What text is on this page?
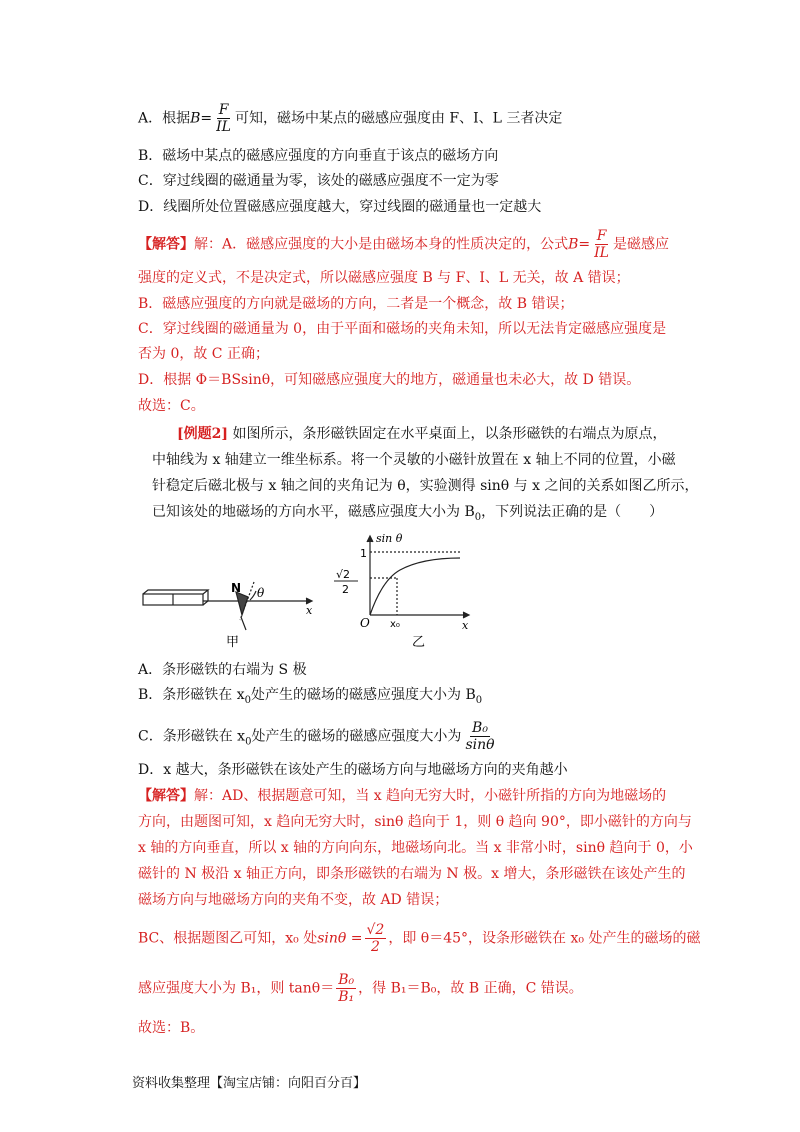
A．根据$B= \frac{F}{IL}$ 可知，磁场中某点的磁感应强度由 F、I、L 三者决定
B．磁场中某点的磁感应强度的方向垂直于该点的磁场方向
C．穿过线圈的磁通量为零，该处的磁感应强度不一定为零
D．线圈所处位置磁感应强度越大，穿过线圈的磁通量也一定越大
【解答】解：A．磁感应强度的大小是由磁场本身的性质决定的，公式$B= \frac{F}{IL}$ 是磁感应
强度的定义式，不是决定式，所以磁感应强度 B 与 F、I、L 无关，故 A 错误；
B．磁感应强度的方向就是磁场的方向，二者是一个概念，故 B 错误；
C．穿过线圈的磁通量为 0，由于平面和磁场的夹角未知，所以无法肯定磁感应强度是
否为 0，故 C 正确；
D．根据 Φ＝BSsinθ，可知磁感应强度大的地方，磁通量也未必大，故 D 错误。
故选：C。
[例题2] 如图所示，条形磁铁固定在水平桌面上，以条形磁铁的右端点为原点，
中轴线为 x 轴建立一维坐标系。将一个灵敏的小磁针放置在 x 轴上不同的位置，小磁
针稳定后磁北极与 x 轴之间的夹角记为 θ，实验测得 sinθ 与 x 之间的关系如图乙所示，
已知该处的地磁场的方向水平，磁感应强度大小为 $B_0$，下列说法正确的是（　　）
N θ
x
甲
sin θ
1
√2
2
O x₀	x
乙
A．条形磁铁的右端为 S 极
B．条形磁铁在 $x_0$处产生的磁场的磁感应强度大小为 $B_0$
C．条形磁铁在 $x_0$处产生的磁场的磁感应强度大小为 $\frac{\text{B₀}}{\sin\theta}$
D．x 越大，条形磁铁在该处产生的磁场方向与地磁场方向的夹角越小
【解答】解：AD、根据题意可知，当 x 趋向无穷大时，小磁针所指的方向为地磁场的
方向，由题图可知，x 趋向无穷大时，sinθ 趋向于 1，则 θ 趋向 90°，即小磁针的方向与
x 轴的方向垂直，所以 x 轴的方向向东，地磁场向北。当 x 非常小时，sinθ 趋向于 0，小
磁针的 N 极沿 x 轴正方向，即条形磁铁的右端为 N 极。x 增大，条形磁铁在该处产生的
磁场方向与地磁场方向的夹角不变，故 AD 错误；
BC、根据题图乙可知，x₀ 处$\sin\theta = \frac{√2}{2}$ ，即 θ＝45°，设条形磁铁在 x₀ 处产生的磁场的磁
感应强度大小为 B₁，则 $\tan\theta= \frac{\text{B₀}}{\text{B₁}}$ ，得 B₁＝B₀，故 B 正确，C 错误。
故选：B。
资料收集整理【淘宝店铺：向阳百分百】
